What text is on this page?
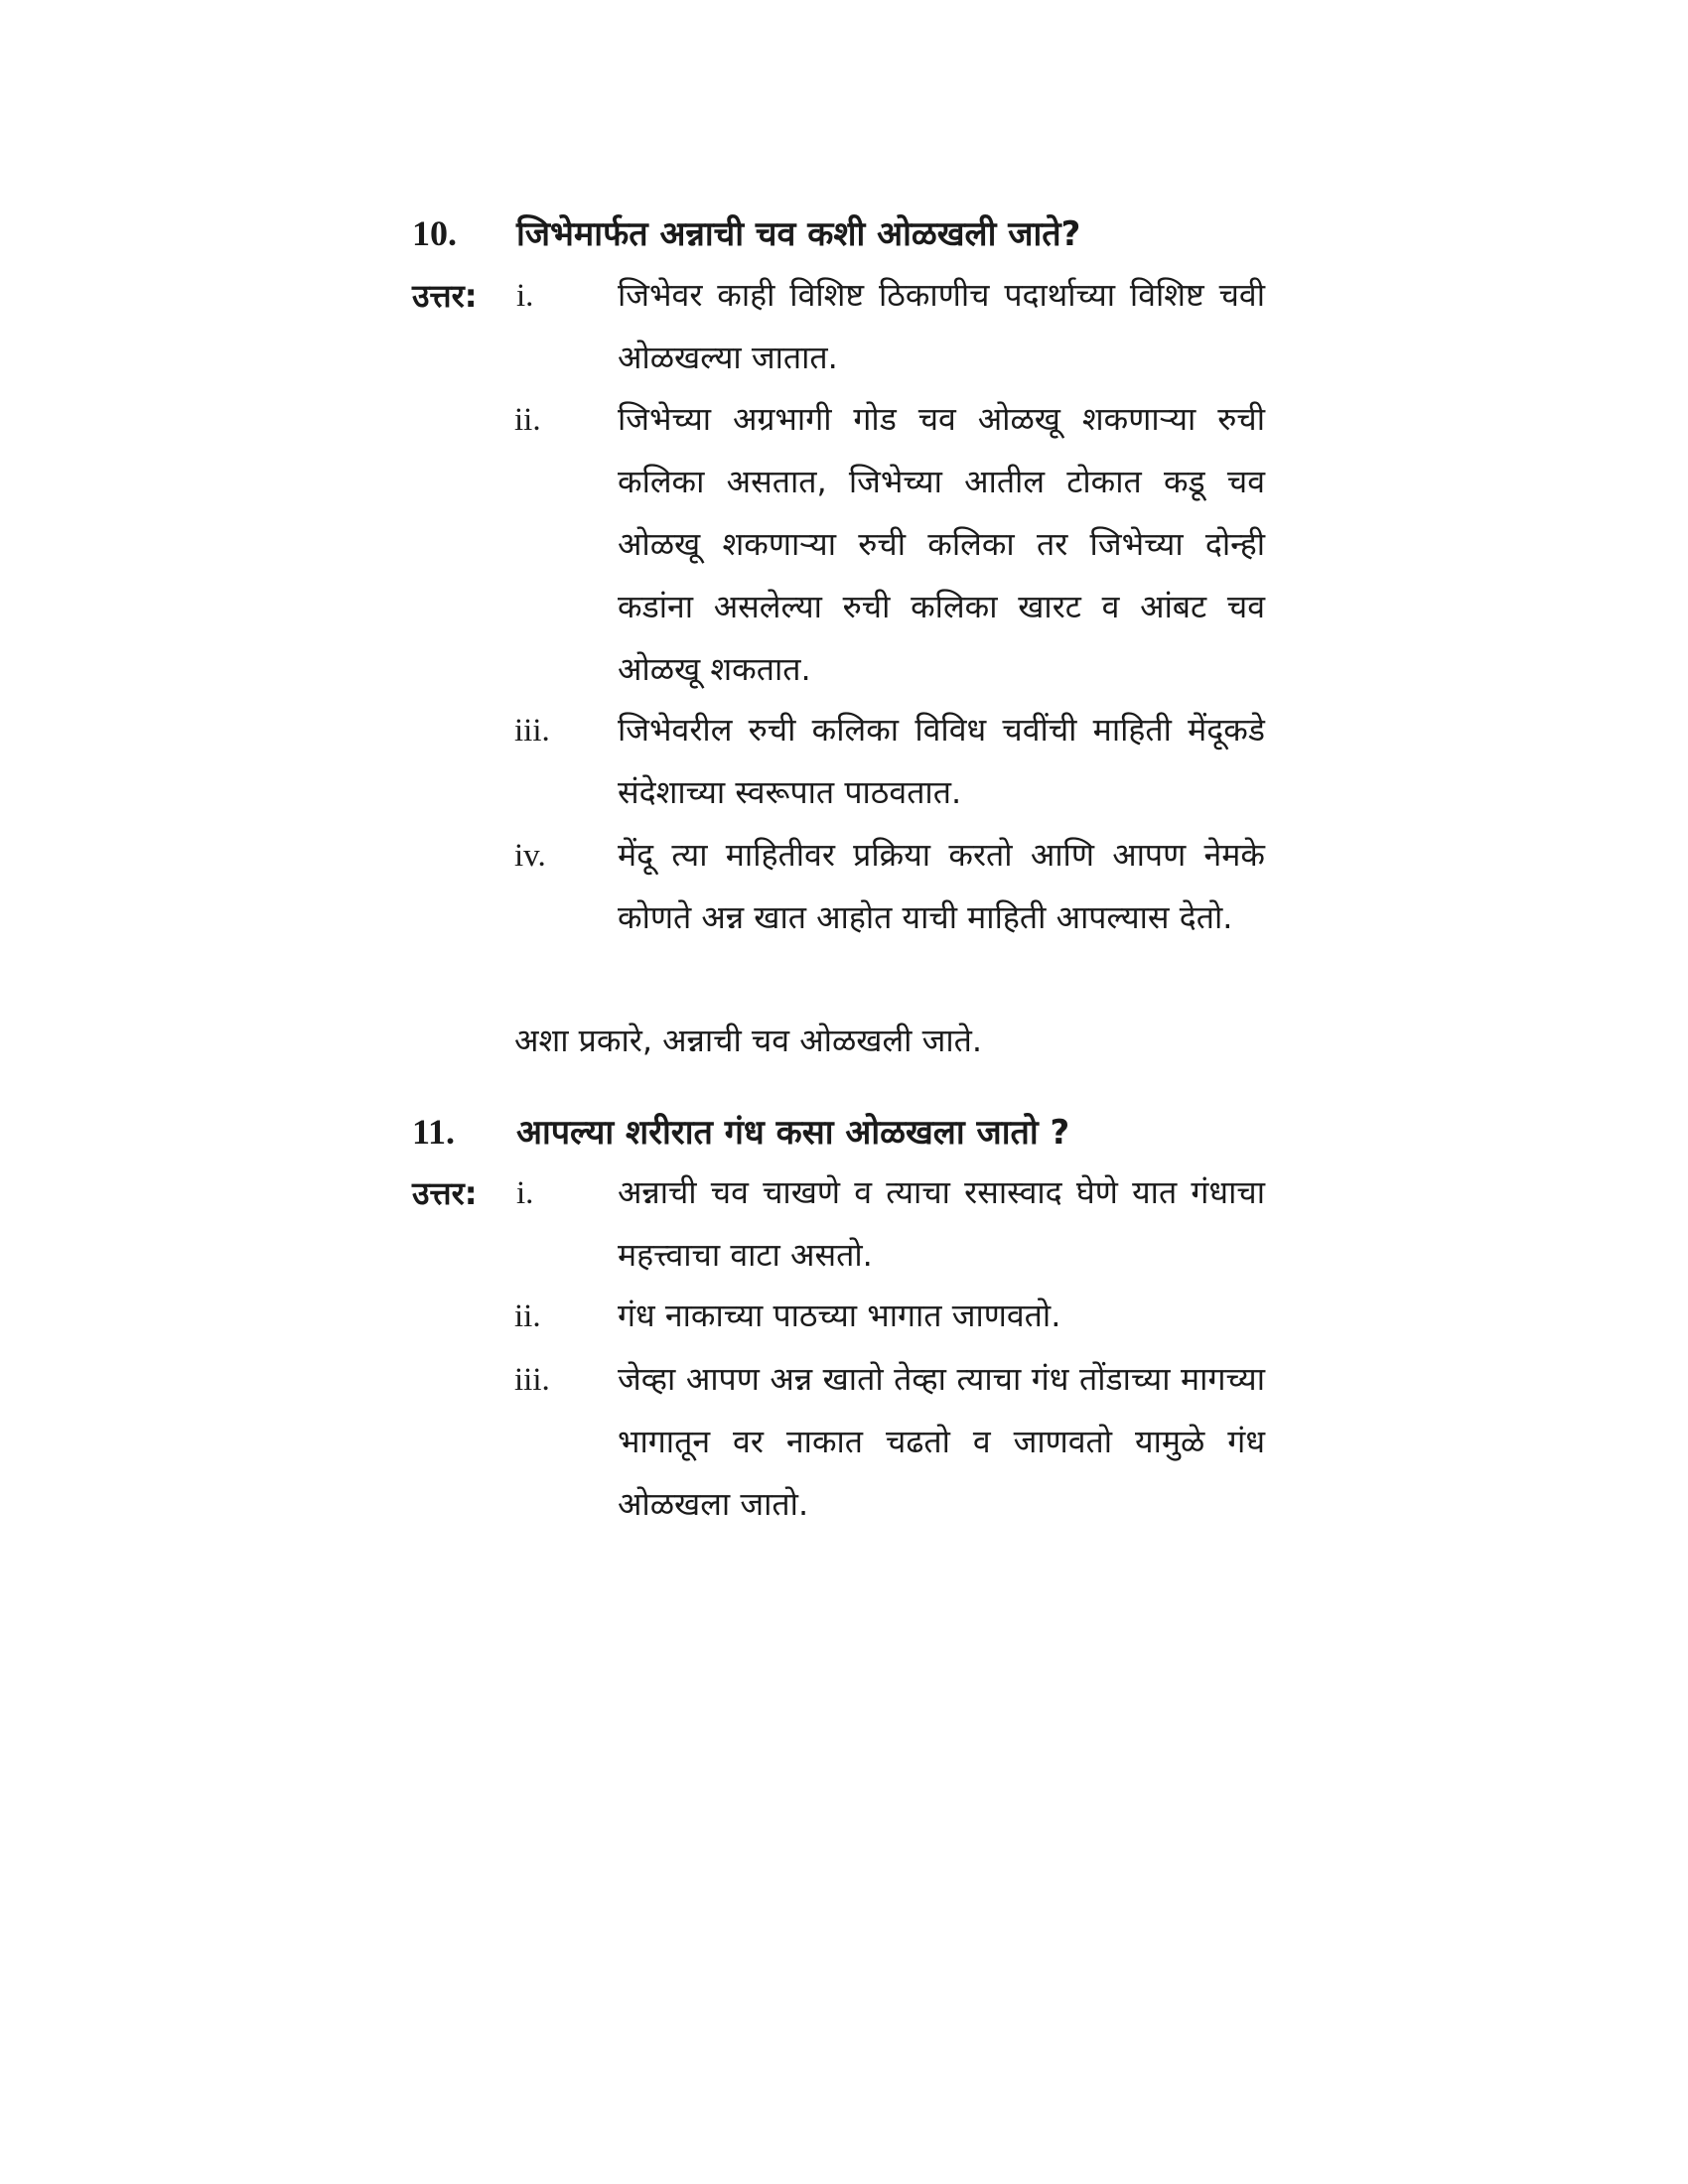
10. जिभेमार्फत अन्नाची चव कशी ओळखली जाते?
उत्तर: i.	जिभेवर काही विशिष्ट ठिकाणीच पदार्थाच्या विशिष्ट चवी ओळखल्या जातात.
ii. जिभेच्या अग्रभागी गोड चव ओळखू शकणाऱ्या रुची कलिका असतात, जिभेच्या आतील टोकात कडू चव ओळखू शकणाऱ्या रुची कलिका तर जिभेच्या दोन्ही कडांना असलेल्या रुची कलिका खारट व आंबट चव ओळखू शकतात.
iii. जिभेवरील रुची कलिका विविध चवींची माहिती मेंदूकडे संदेशाच्या स्वरूपात पाठवतात.
iv. मेंदू त्या माहितीवर प्रक्रिया करतो आणि आपण नेमके कोणते अन्न खात आहोत याची माहिती आपल्यास देतो.
अशा प्रकारे, अन्नाची चव ओळखली जाते.
11. आपल्या शरीरात गंध कसा ओळखला जातो ?
उत्तर: i.	अन्नाची चव चाखणे व त्याचा रसास्वाद घेणे यात गंधाचा महत्त्वाचा वाटा असतो.
ii. गंध नाकाच्या पाठच्या भागात जाणवतो.
iii. जेव्हा आपण अन्न खातो तेव्हा त्याचा गंध तोंडाच्या मागच्या भागातून वर नाकात चढतो व जाणवतो यामुळे गंध ओळखला जातो.
